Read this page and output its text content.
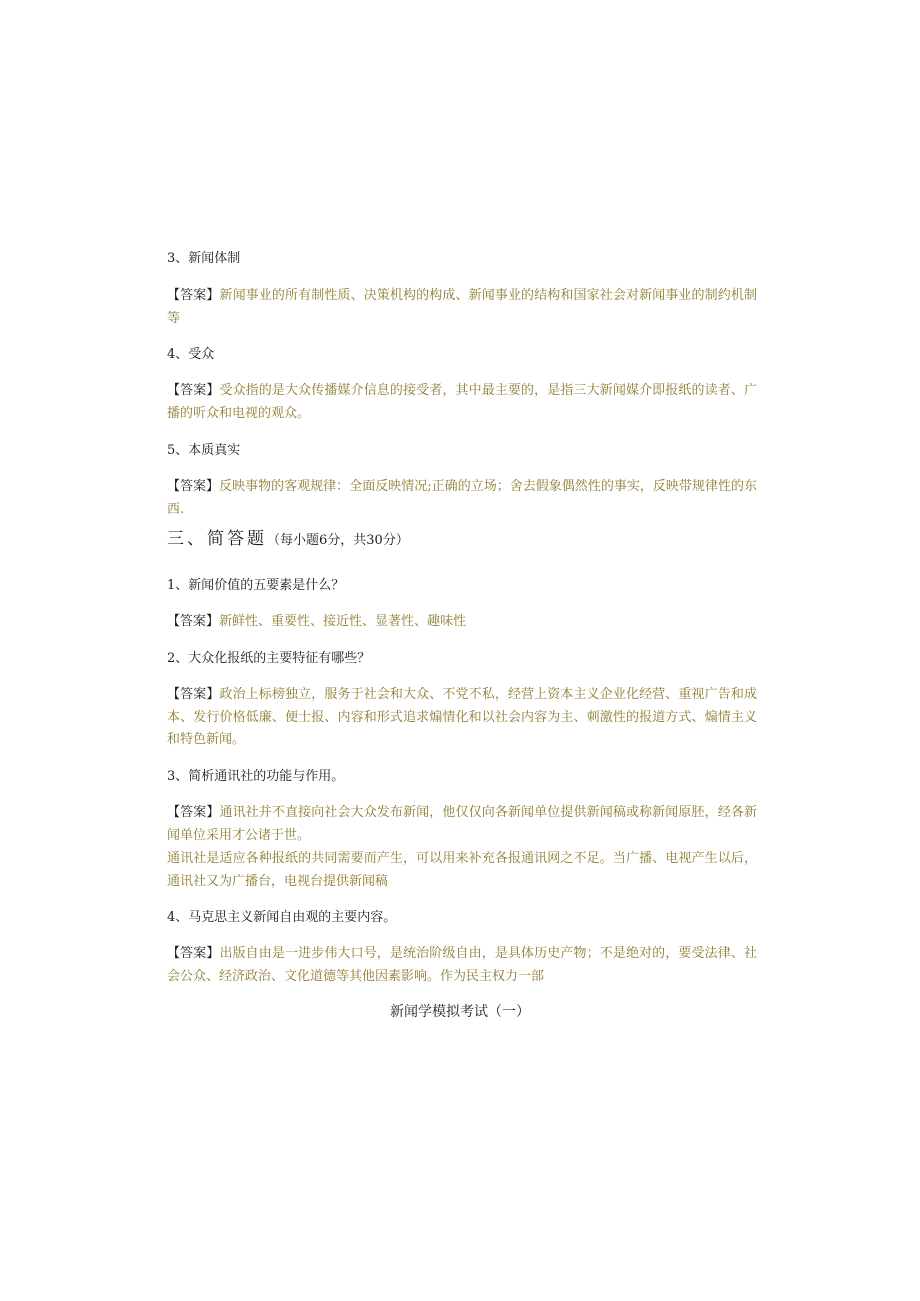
3、新闻体制
【答案】新闻事业的所有制性质、决策机构的构成、新闻事业的结构和国家社会对新闻事业的制约机制等
4、受众
【答案】受众指的是大众传播媒介信息的接受者，其中最主要的，是指三大新闻媒介即报纸的读者、广播的听众和电视的观众。
5、本质真实
【答案】反映事物的客观规律：全面反映情况;正确的立场；舍去假象偶然性的事实，反映带规律性的东西.
三、简答题（每小题6分，共30分）
1、新闻价值的五要素是什么？
【答案】新鲜性、重要性、接近性、显著性、趣味性
2、大众化报纸的主要特征有哪些？
【答案】政治上标榜独立，服务于社会和大众、不党不私，经营上资本主义企业化经营、重视广告和成本、发行价格低廉、便士报、内容和形式追求煽情化和以社会内容为主、刺激性的报道方式、煽情主义和特色新闻。
3、简析通讯社的功能与作用。
【答案】通讯社并不直接向社会大众发布新闻，他仅仅向各新闻单位提供新闻稿或称新闻原胚，经各新闻单位采用才公诸于世。
通讯社是适应各种报纸的共同需要而产生，可以用来补充各报通讯网之不足。当广播、电视产生以后，通讯社又为广播台，电视台提供新闻稿
4、马克思主义新闻自由观的主要内容。
【答案】出版自由是一进步伟大口号，是统治阶级自由，是具体历史产物；不是绝对的，要受法律、社会公众、经济政治、文化道德等其他因素影响。作为民主权力一部
新闻学模拟考试（一）
